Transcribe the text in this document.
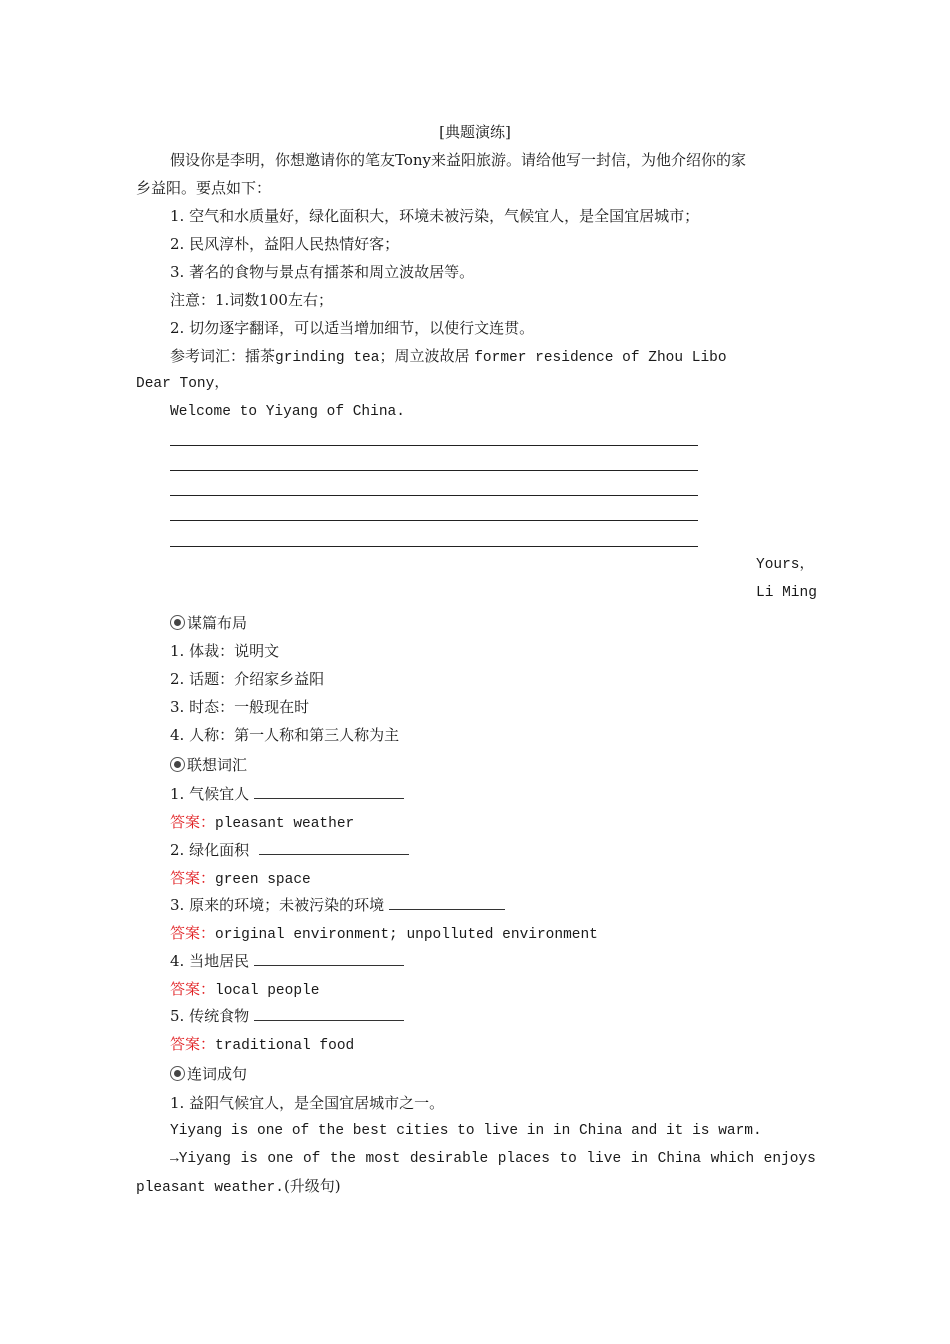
[典题演练]
假设你是李明，你想邀请你的笔友Tony来益阳旅游。请给他写一封信，为他介绍你的家
乡益阳。要点如下：
1. 空气和水质量好，绿化面积大，环境未被污染，气候宜人，是全国宜居城市；
2. 民风淳朴，益阳人民热情好客；
3. 著名的食物与景点有擂茶和周立波故居等。
注意：1.词数100左右；
2. 切勿逐字翻译，可以适当增加细节，以使行文连贯。
参考词汇：擂茶grinding tea；周立波故居 former residence of Zhou Libo
Dear Tony，
Welcome to Yiyang of China.
Yours，
Li Ming
谋篇布局
1. 体裁：说明文
2. 话题：介绍家乡益阳
3. 时态：一般现在时
4. 人称：第一人称和第三人称为主
联想词汇
1. 气候宜人
答案：pleasant weather
2. 绿化面积
答案：green space
3. 原来的环境；未被污染的环境
答案：original environment; unpolluted environment
4. 当地居民
答案：local people
5. 传统食物
答案：traditional food
连词成句
1. 益阳气候宜人，是全国宜居城市之一。
Yiyang is one of the best cities to live in in China and it is warm.
→Yiyang is one of the most desirable places to live in China which enjoys
pleasant weather.(升级句)
